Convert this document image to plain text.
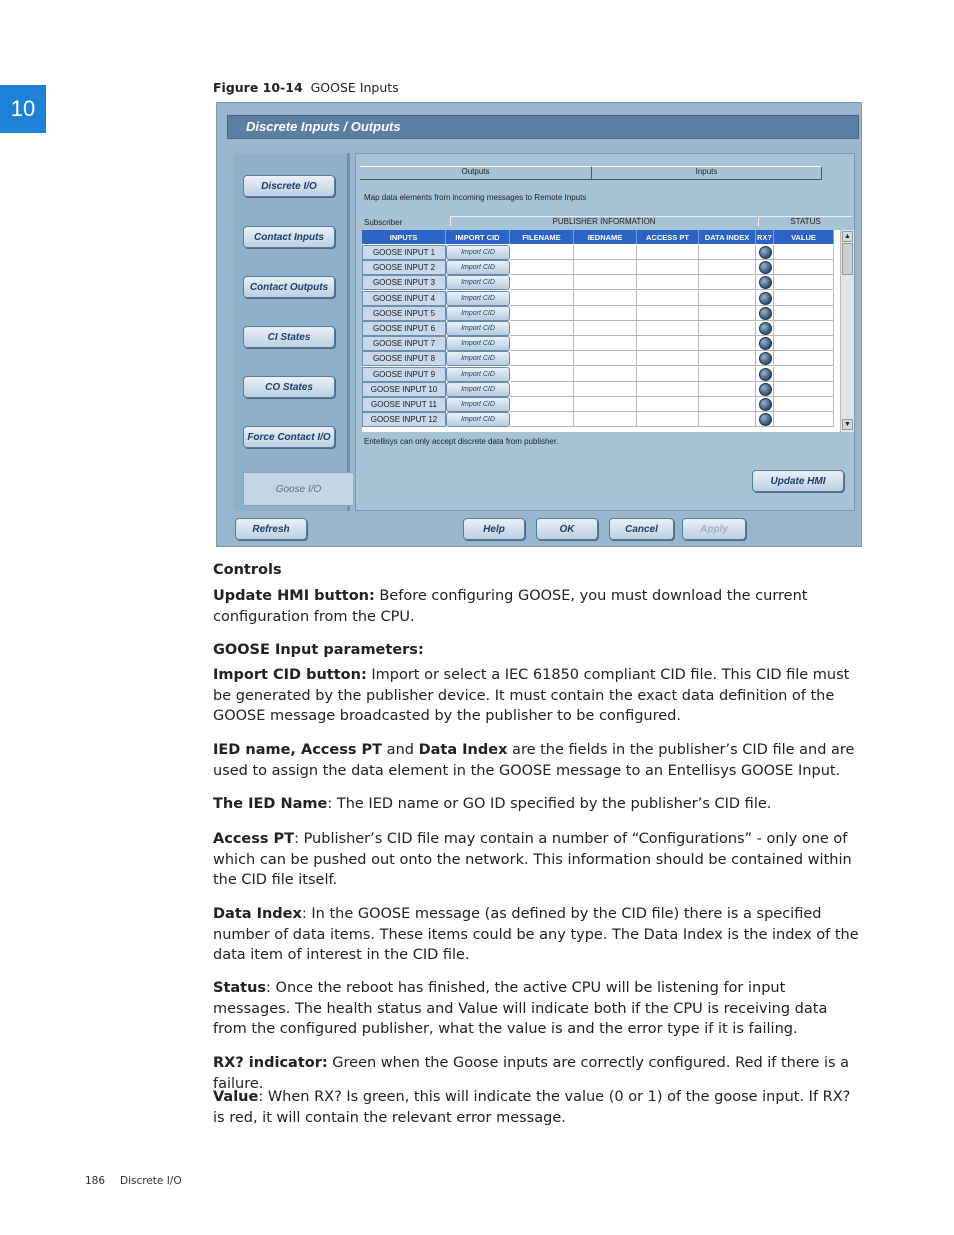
10
Figure 10-14 GOOSE Inputs
Discrete Inputs / Outputs
Discrete I/O
Contact Inputs
Contact Outputs
CI States
CO States
Force Contact I/O
Goose I/O
Outputs	Inputs
Map data elements from incoming messages to Remote Inputs
Subscriber	PUBLISHER INFORMATION	STATUS
INPUTS	IMPORT CID	FILENAME	IEDNAME	ACCESS PT	DATA INDEX	RX?	VALUE
GOOSE INPUT 1	Import CID
GOOSE INPUT 2	Import CID
GOOSE INPUT 3	Import CID
GOOSE INPUT 4	Import CID
GOOSE INPUT 5	Import CID
GOOSE INPUT 6	Import CID
GOOSE INPUT 7	Import CID
GOOSE INPUT 8	Import CID
GOOSE INPUT 9	Import CID
GOOSE INPUT 10	Import CID
GOOSE INPUT 11	Import CID
GOOSE INPUT 12	Import CID
▲
▼
Entellisys can only accept discrete data from publisher.
Update HMI
Refresh	Help	OK	Cancel	Apply
Controls

Update HMI button: Before configuring GOOSE, you must download the current configuration from the CPU.

GOOSE Input parameters:

Import CID button: Import or select a IEC 61850 compliant CID file. This CID file must be generated by the publisher device. It must contain the exact data definition of the GOOSE message broadcasted by the publisher to be configured.

IED name, Access PT and Data Index are the fields in the publisher’s CID file and are used to assign the data element in the GOOSE message to an Entellisys GOOSE Input.

The IED Name: The IED name or GO ID specified by the publisher’s CID file.

Access PT: Publisher’s CID file may contain a number of “Configurations” - only one of which can be pushed out onto the network. This information should be contained within the CID file itself.

Data Index: In the GOOSE message (as defined by the CID file) there is a specified number of data items. These items could be any type. The Data Index is the index of the data item of interest in the CID file.

Status: Once the reboot has finished, the active CPU will be listening for input messages. The health status and Value will indicate both if the CPU is receiving data from the configured publisher, what the value is and the error type if it is failing.

RX? indicator: Green when the Goose inputs are correctly configured. Red if there is a failure.

Value: When RX? Is green, this will indicate the value (0 or 1) of the goose input. If RX? is red, it will contain the relevant error message.

186 Discrete I/O
